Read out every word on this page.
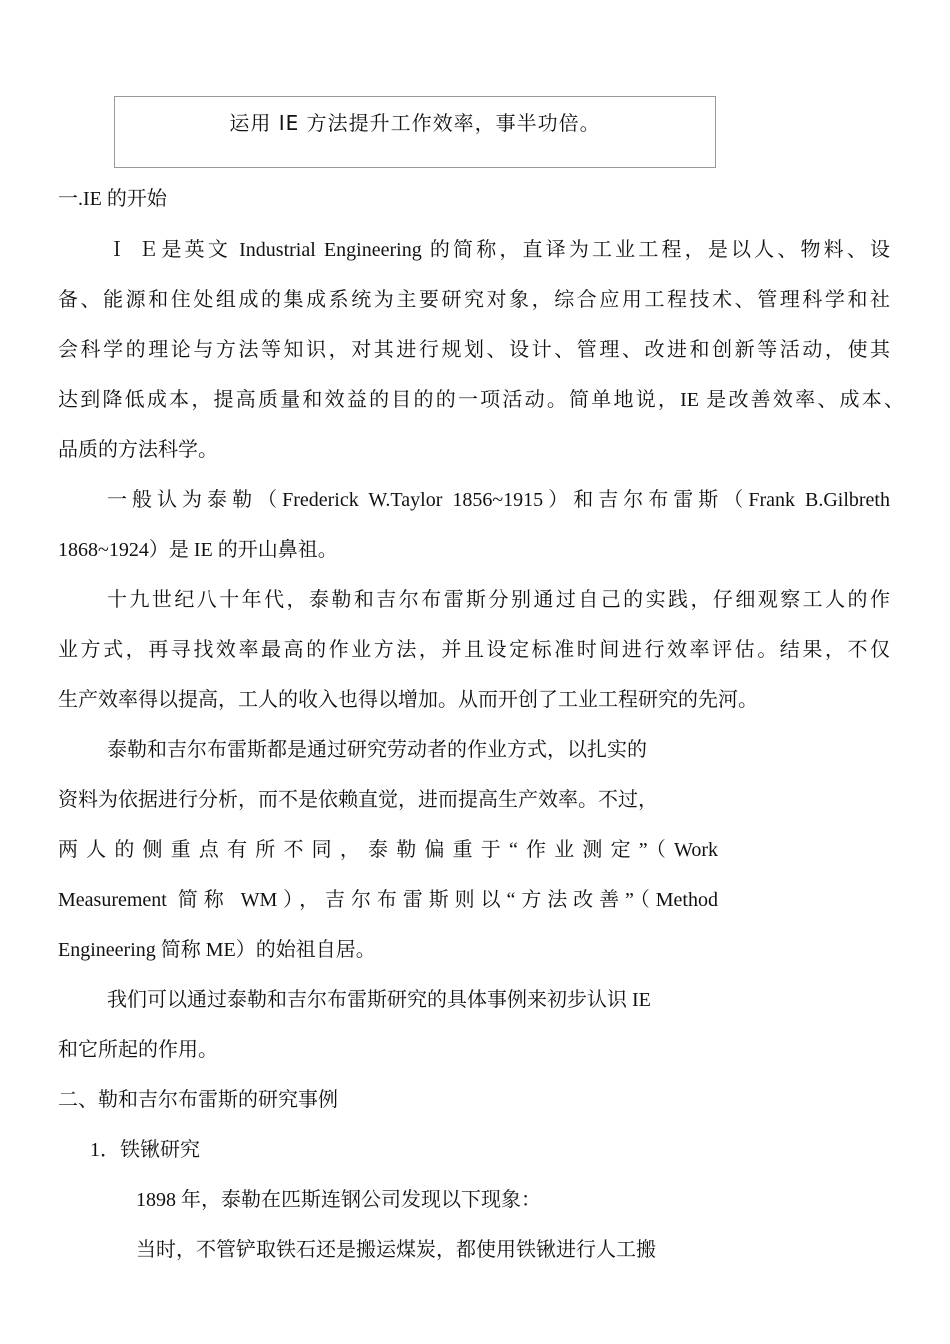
运用 IE 方法提升工作效率，事半功倍。
一.IE 的开始
Ｉ Ｅ是英文 Industrial Engineering 的简称，直译为工业工程，是以人、物料、设
备、能源和住处组成的集成系统为主要研究对象，综合应用工程技术、管理科学和社
会科学的理论与方法等知识，对其进行规划、设计、管理、改进和创新等活动，使其
达到降低成本，提高质量和效益的目的的一项活动。简单地说，IE 是改善效率、成本、
品质的方法科学。
一般认为泰勒（Frederick W.Taylor 1856~1915）和吉尔布雷斯（Frank B.Gilbreth
1868~1924）是 IE 的开山鼻祖。
十九世纪八十年代，泰勒和吉尔布雷斯分别通过自己的实践，仔细观察工人的作
业方式，再寻找效率最高的作业方法，并且设定标准时间进行效率评估。结果，不仅
生产效率得以提高，工人的收入也得以增加。从而开创了工业工程研究的先河。
泰勒和吉尔布雷斯都是通过研究劳动者的作业方式，以扎实的
资料为依据进行分析，而不是依赖直觉，进而提高生产效率。不过，
两人的侧重点有所不同，泰勒偏重于“作业测定”（Work
Measurement 简称 WM），吉尔布雷斯则以“方法改善”（Method
Engineering 简称 ME）的始祖自居。
我们可以通过泰勒和吉尔布雷斯研究的具体事例来初步认识 IE
和它所起的作用。
二、勒和吉尔布雷斯的研究事例
1．铁锹研究
1898 年，泰勒在匹斯连钢公司发现以下现象：
当时，不管铲取铁石还是搬运煤炭，都使用铁锹进行人工搬
